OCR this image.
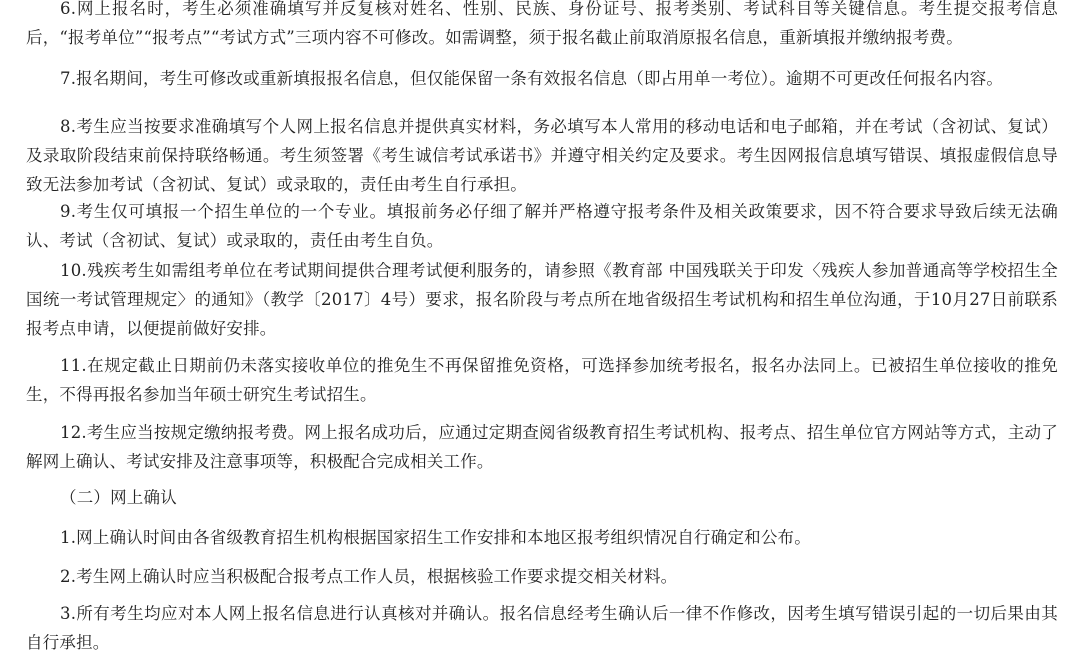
6.网上报名时，考生必须准确填写并反复核对姓名、性别、民族、身份证号、报考类别、考试科目等关键信息。考生提交报考信息后，“报考单位”“报考点”“考试方式”三项内容不可修改。如需调整，须于报名截止前取消原报名信息，重新填报并缴纳报考费。

7.报名期间，考生可修改或重新填报报名信息，但仅能保留一条有效报名信息（即占用单一考位）。逾期不可更改任何报名内容。

8.考生应当按要求准确填写个人网上报名信息并提供真实材料，务必填写本人常用的移动电话和电子邮箱，并在考试（含初试、复试）及录取阶段结束前保持联络畅通。考生须签署《考生诚信考试承诺书》并遵守相关约定及要求。考生因网报信息填写错误、填报虚假信息导致无法参加考试（含初试、复试）或录取的，责任由考生自行承担。

9.考生仅可填报一个招生单位的一个专业。填报前务必仔细了解并严格遵守报考条件及相关政策要求，因不符合要求导致后续无法确认、考试（含初试、复试）或录取的，责任由考生自负。

10.残疾考生如需组考单位在考试期间提供合理考试便利服务的，请参照《教育部 中国残联关于印发〈残疾人参加普通高等学校招生全国统一考试管理规定〉的通知》（教学〔2017〕4号）要求，报名阶段与考点所在地省级招生考试机构和招生单位沟通，于10月27日前联系报考点申请，以便提前做好安排。

11.在规定截止日期前仍未落实接收单位的推免生不再保留推免资格，可选择参加统考报名，报名办法同上。已被招生单位接收的推免生，不得再报名参加当年硕士研究生考试招生。

12.考生应当按规定缴纳报考费。网上报名成功后，应通过定期查阅省级教育招生考试机构、报考点、招生单位官方网站等方式，主动了解网上确认、考试安排及注意事项等，积极配合完成相关工作。

（二）网上确认

1.网上确认时间由各省级教育招生机构根据国家招生工作安排和本地区报考组织情况自行确定和公布。

2.考生网上确认时应当积极配合报考点工作人员，根据核验工作要求提交相关材料。

3.所有考生均应对本人网上报名信息进行认真核对并确认。报名信息经考生确认后一律不作修改，因考生填写错误引起的一切后果由其自行承担。
